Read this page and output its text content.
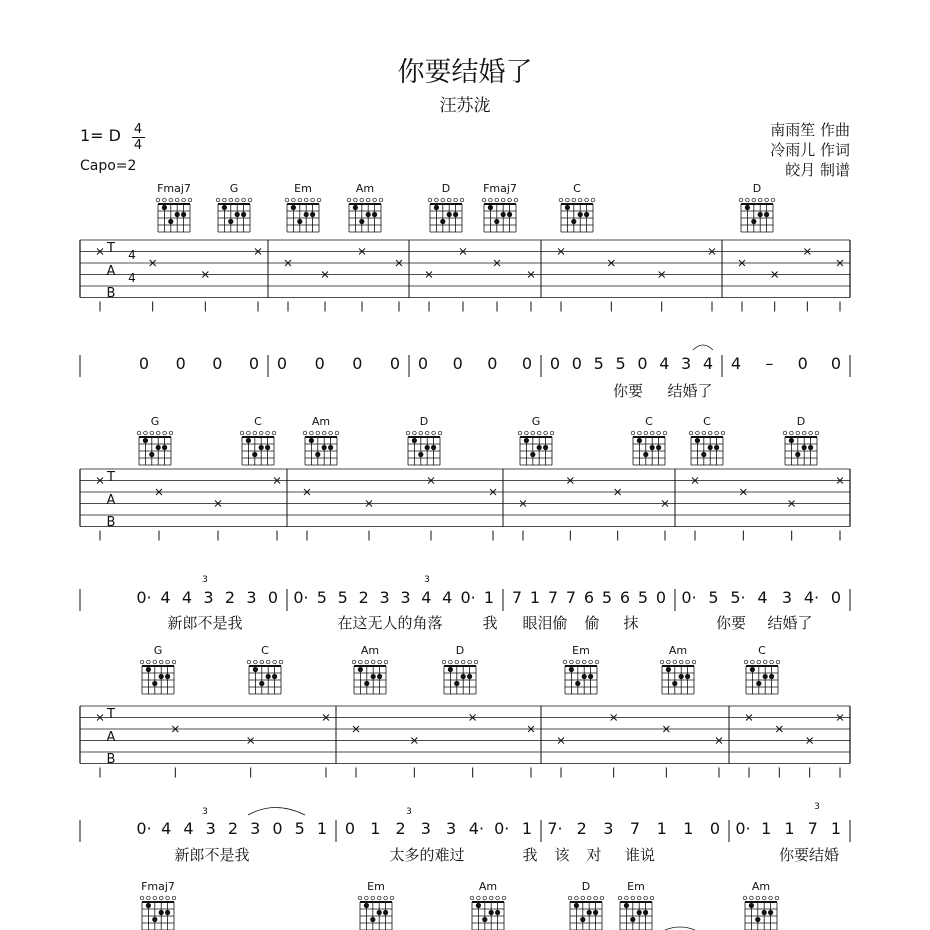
你要结婚了
汪苏泷
南雨笙 作曲
冷雨儿 作词
皎月 制谱
1= D 4
4
Capo=2
Fmaj7	G	Em	Am	D	Fmaj7	C	D
T
A
B
4
4
0 0 0 0 0 0 0 0 0 0 0 0 0 0 5 5 0 4 3 4 4 – 0 0
你要 结婚了
G	C	Am	D	G	C	C	D
T
A
B
0· 4 4 3 2 3 0 0· 5 5 2 3 3 4 4 0· 1 7 1 7 7 6 5 6 5 0 0· 5 5· 4 3 4· 0
新郎不是我	在这无人的角落	我 眼泪偷 偷 抹	你要 结婚了
3	3
G	C	Am	D	Em	Am	C
T
A
B
0· 4 4 3 2 3 0 5 1 0 1 2 3 3 4· 0· 1 7· 2 3 7 1 1 0 0· 1 1 7 1
新郎不是我	太多的难过	我 该 对 谁说	你要结婚
3	3	3
Fmaj7	Em	Am	D	Em	Am
